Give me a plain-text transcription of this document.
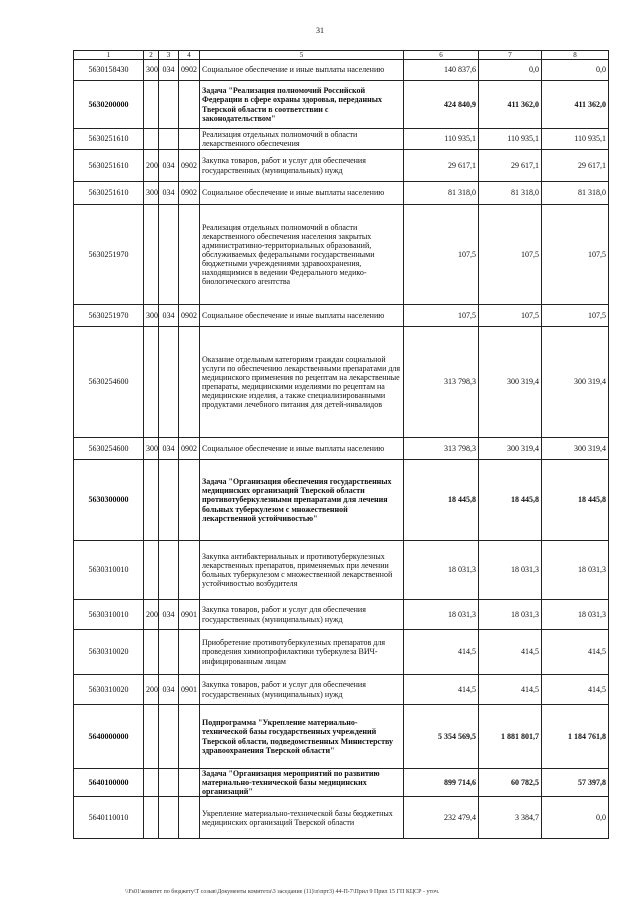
31
1	2	3	4	5	6	7	8
5630158430	300	034	0902	Социальное обеспечение и иные выплаты населению	140 837,6	0,0	0,0
5630200000				Задача "Реализация полномочий Российской Федерации в сфере охраны здоровья, переданных Тверской области в соответствии с законодательством"	424 840,9	411 362,0	411 362,0
5630251610				Реализация отдельных полномочий в области лекарственного обеспечения	110 935,1	110 935,1	110 935,1
5630251610	200	034	0902	Закупка товаров, работ и услуг для обеспечения государственных (муниципальных) нужд	29 617,1	29 617,1	29 617,1
5630251610	300	034	0902	Социальное обеспечение и иные выплаты населению	81 318,0	81 318,0	81 318,0
5630251970				Реализация отдельных полномочий в области лекарственного обеспечения населения закрытых административно-территориальных образований, обслуживаемых федеральными государственными бюджетными учреждениями здравоохранения, находящимися в ведении Федерального медико-биологического агентства	107,5	107,5	107,5
5630251970	300	034	0902	Социальное обеспечение и иные выплаты населению	107,5	107,5	107,5
5630254600				Оказание отдельным категориям граждан социальной услуги по обеспечению лекарственными препаратами для медицинского применения по рецептам на лекарственные препараты, медицинскими изделиями по рецептам на медицинские изделия, а также специализированными продуктами лечебного питания для детей-инвалидов	313 798,3	300 319,4	300 319,4
5630254600	300	034	0902	Социальное обеспечение и иные выплаты населению	313 798,3	300 319,4	300 319,4
5630300000				Задача "Организация обеспечения государственных медицинских организаций Тверской области противотуберкулезными препаратами для лечения больных туберкулезом с множественной лекарственной устойчивостью"	18 445,8	18 445,8	18 445,8
5630310010				Закупка антибактериальных и противотуберкулезных лекарственных препаратов, применяемых при лечении больных туберкулезом с множественной лекарственной устойчивостью возбудителя	18 031,3	18 031,3	18 031,3
5630310010	200	034	0901	Закупка товаров, работ и услуг для обеспечения государственных (муниципальных) нужд	18 031,3	18 031,3	18 031,3
5630310020				Приобретение противотуберкулезных препаратов для проведения химиопрофилактики туберкулеза ВИЧ-инфицированным лицам	414,5	414,5	414,5
5630310020	200	034	0901	Закупка товаров, работ и услуг для обеспечения государственных (муниципальных) нужд	414,5	414,5	414,5
5640000000				Подпрограмма "Укрепление материально-технической базы государственных учреждений Тверской области, подведомственных Министерству здравоохранения Тверской области"	5 354 569,5	1 881 801,7	1 184 761,8
5640100000				Задача "Организация мероприятий по развитию материально-технической базы медицинских организаций"	899 714,6	60 782,5	57 397,8
5640110010				Укрепление материально-технической базы бюджетных медицинских организаций Тверской области	232 479,4	3 384,7	0,0
\\Fs01\комитет по бюджету\Т созыв\Документы комитета\3 заседание (11)\п\прт3) 44-П-7\Прил 9 Прил 15 ГП КЦСР - уточ.
